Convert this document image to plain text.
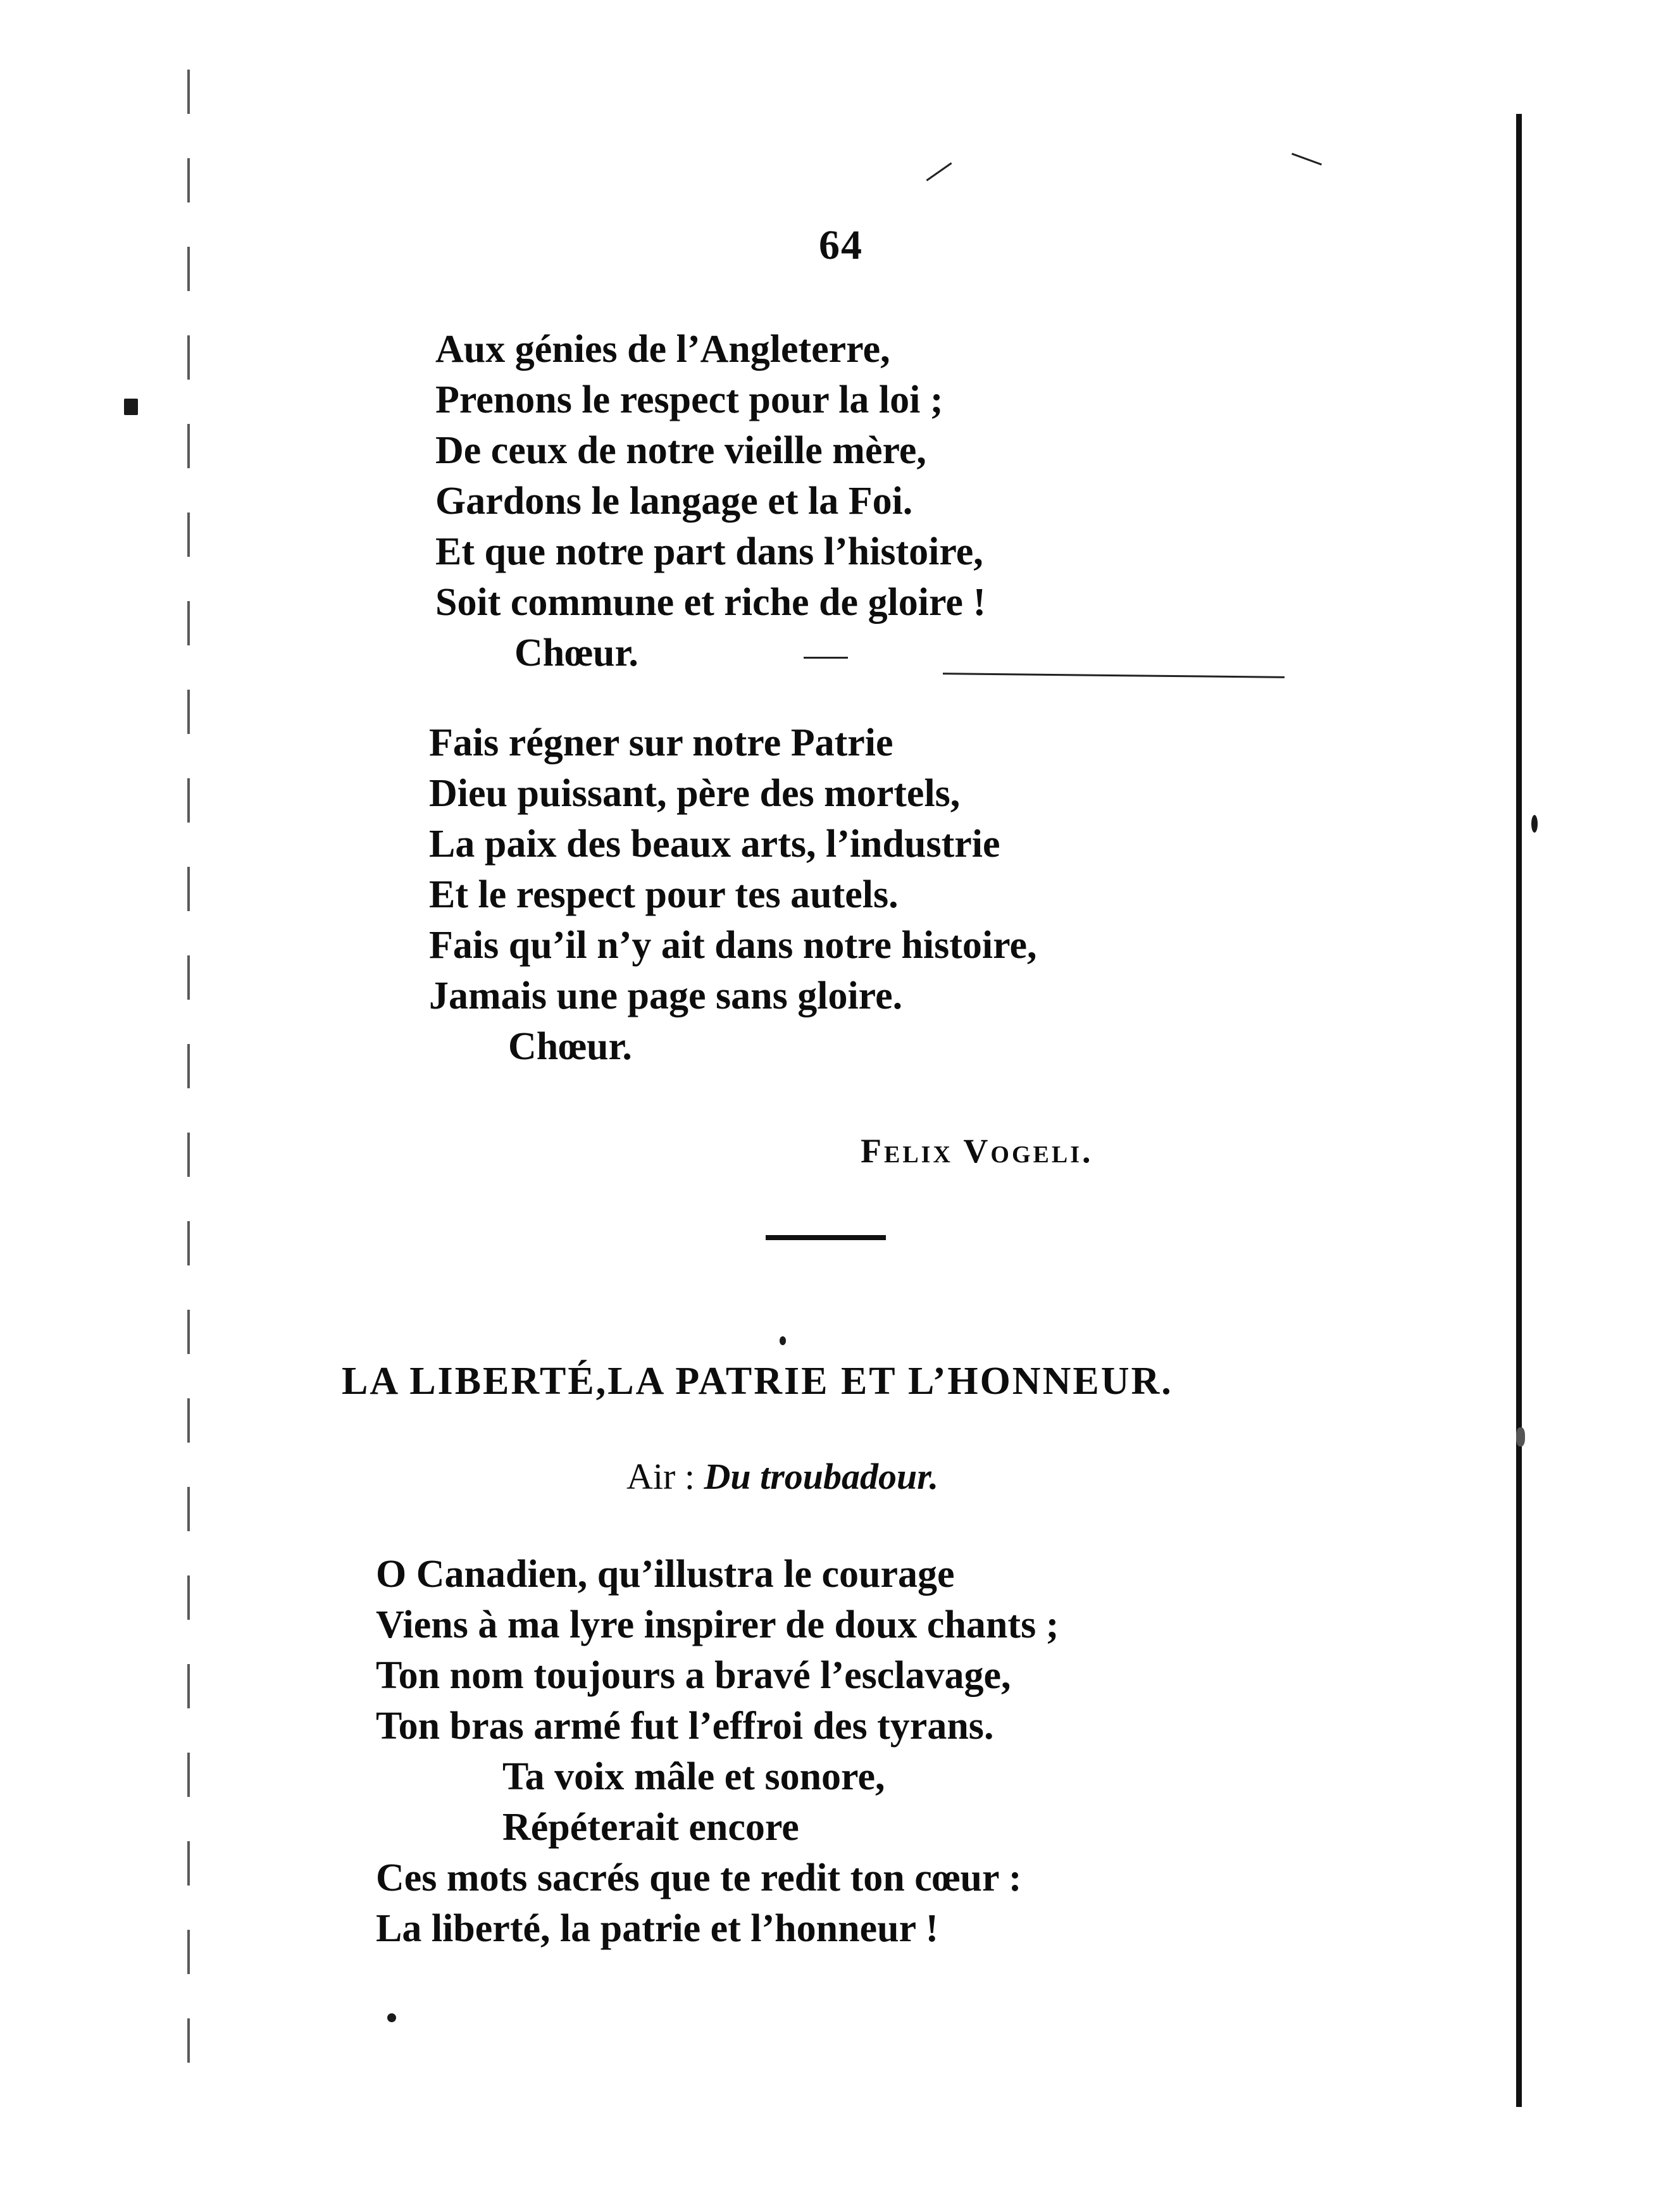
64
Aux génies de l’Angleterre,
Prenons le respect pour la loi ;
De ceux de notre vieille mère,
Gardons le langage et la Foi.
Et que notre part dans l’histoire,
Soit commune et riche de gloire !
Chœur.
Fais régner sur notre Patrie
Dieu puissant, père des mortels,
La paix des beaux arts, l’industrie
Et le respect pour tes autels.
Fais qu’il n’y ait dans notre histoire,
Jamais une page sans gloire.
Chœur.
Felix Vogeli.
LA LIBERTÉ,LA PATRIE ET L’HONNEUR.
Air : Du troubadour.
O Canadien, qu’illustra le courage
Viens à ma lyre inspirer de doux chants ;
Ton nom toujours a bravé l’esclavage,
Ton bras armé fut l’effroi des tyrans.
Ta voix mâle et sonore,
Répéterait encore
Ces mots sacrés que te redit ton cœur :
La liberté, la patrie et l’honneur !
